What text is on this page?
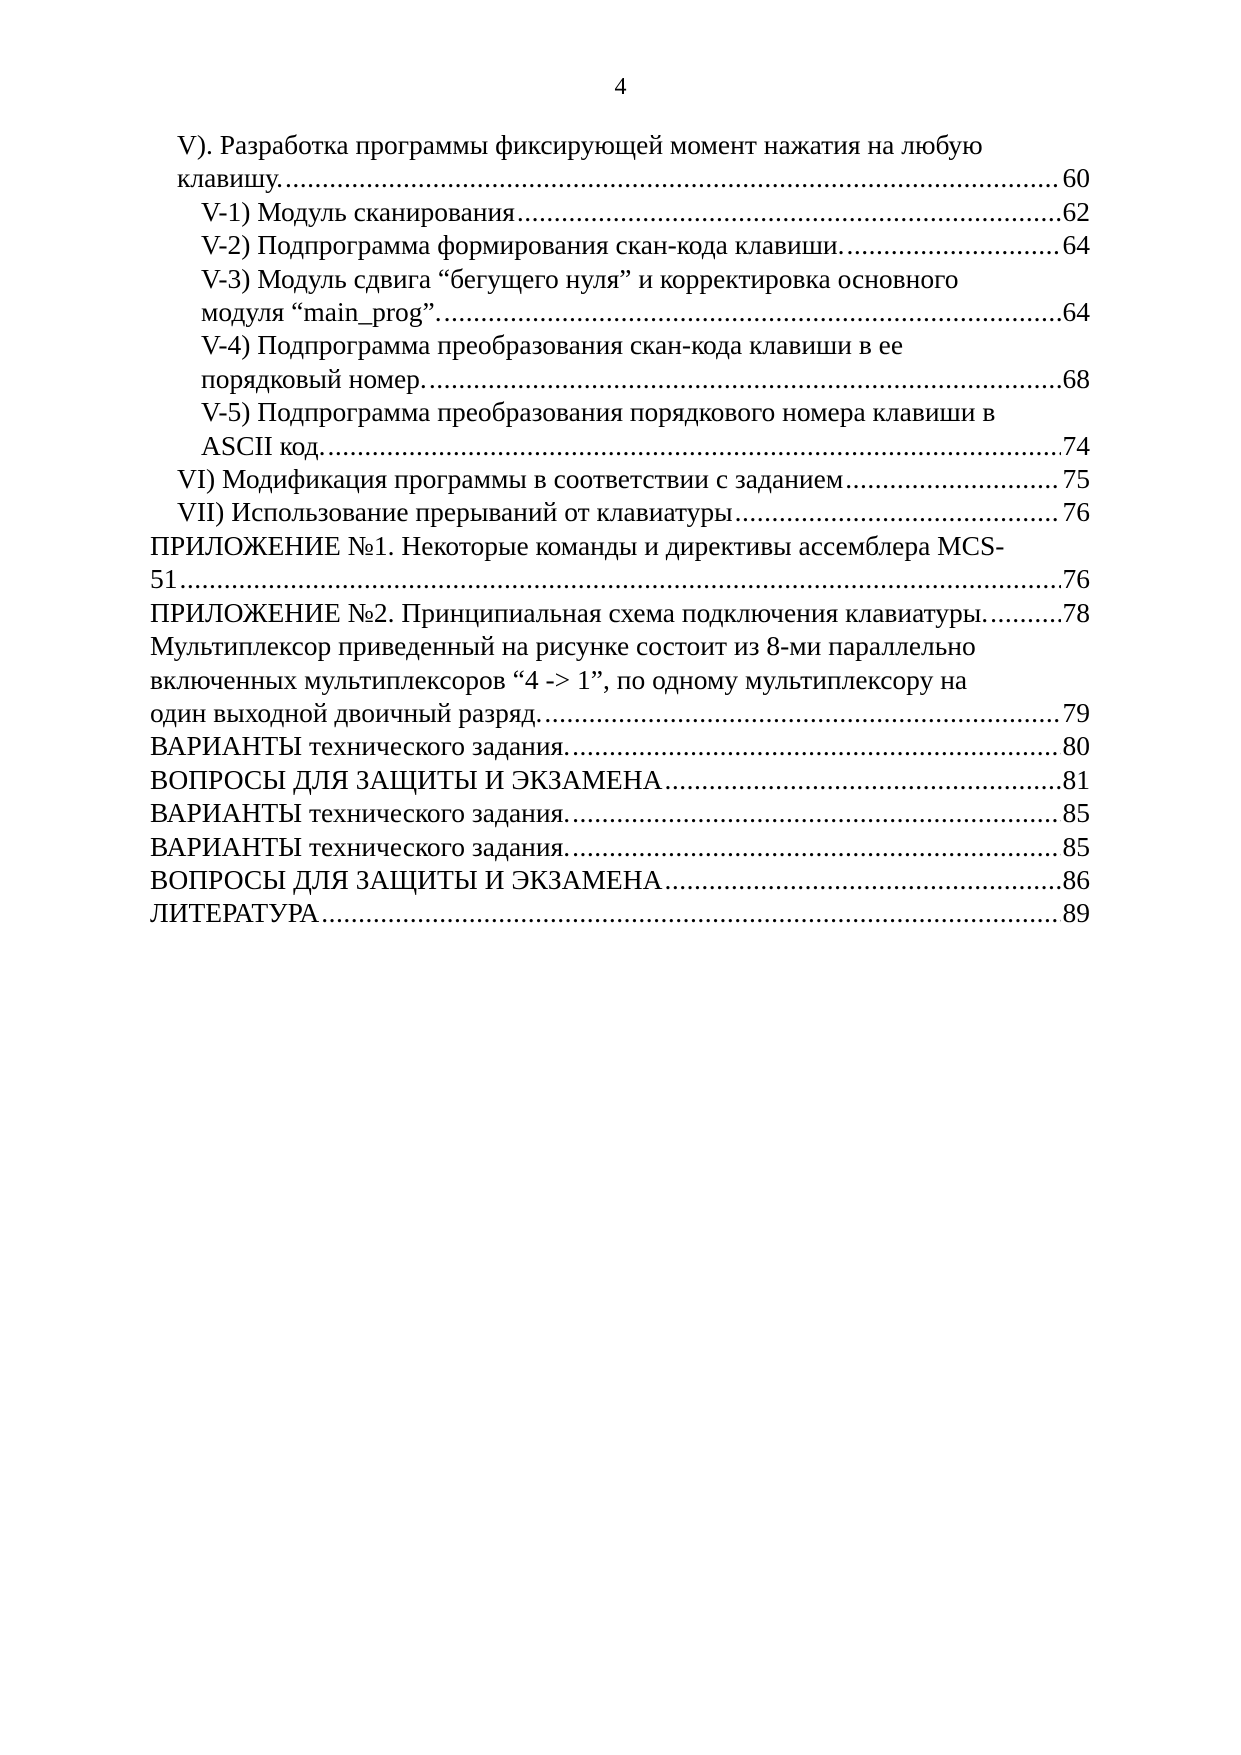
4
V). Разработка программы фиксирующей момент нажатия на любую
клавишу. .....	60
V-1) Модуль сканирования .....	62
V-2) Подпрограмма формирования скан-кода клавиши. .....	64
V-3) Модуль сдвига “бегущего нуля” и корректировка основного
модуля “main_prog”. .....	64
V-4) Подпрограмма преобразования скан-кода клавиши в ее
порядковый номер. .....	68
V-5) Подпрограмма преобразования порядкового номера клавиши в
ASCII код. .....	74
VI) Модификация программы в соответствии с заданием .....	75
VII) Использование прерываний от клавиатуры .....	76
ПРИЛОЖЕНИЕ №1. Некоторые команды и директивы ассемблера MCS-
51 .....	76
ПРИЛОЖЕНИЕ №2. Принципиальная схема подключения клавиатуры. .....	78
Мультиплексор приведенный на рисунке состоит из 8-ми параллельно
включенных мультиплексоров “4 -> 1”, по одному мультиплексору на
один выходной двоичный разряд. .....	79
ВАРИАНТЫ технического задания. .....	80
ВОПРОСЫ ДЛЯ ЗАЩИТЫ И ЭКЗАМЕНА .....	81
ВАРИАНТЫ технического задания. .....	85
ВАРИАНТЫ технического задания. .....	85
ВОПРОСЫ ДЛЯ ЗАЩИТЫ И ЭКЗАМЕНА .....	86
ЛИТЕРАТУРА .....	89
